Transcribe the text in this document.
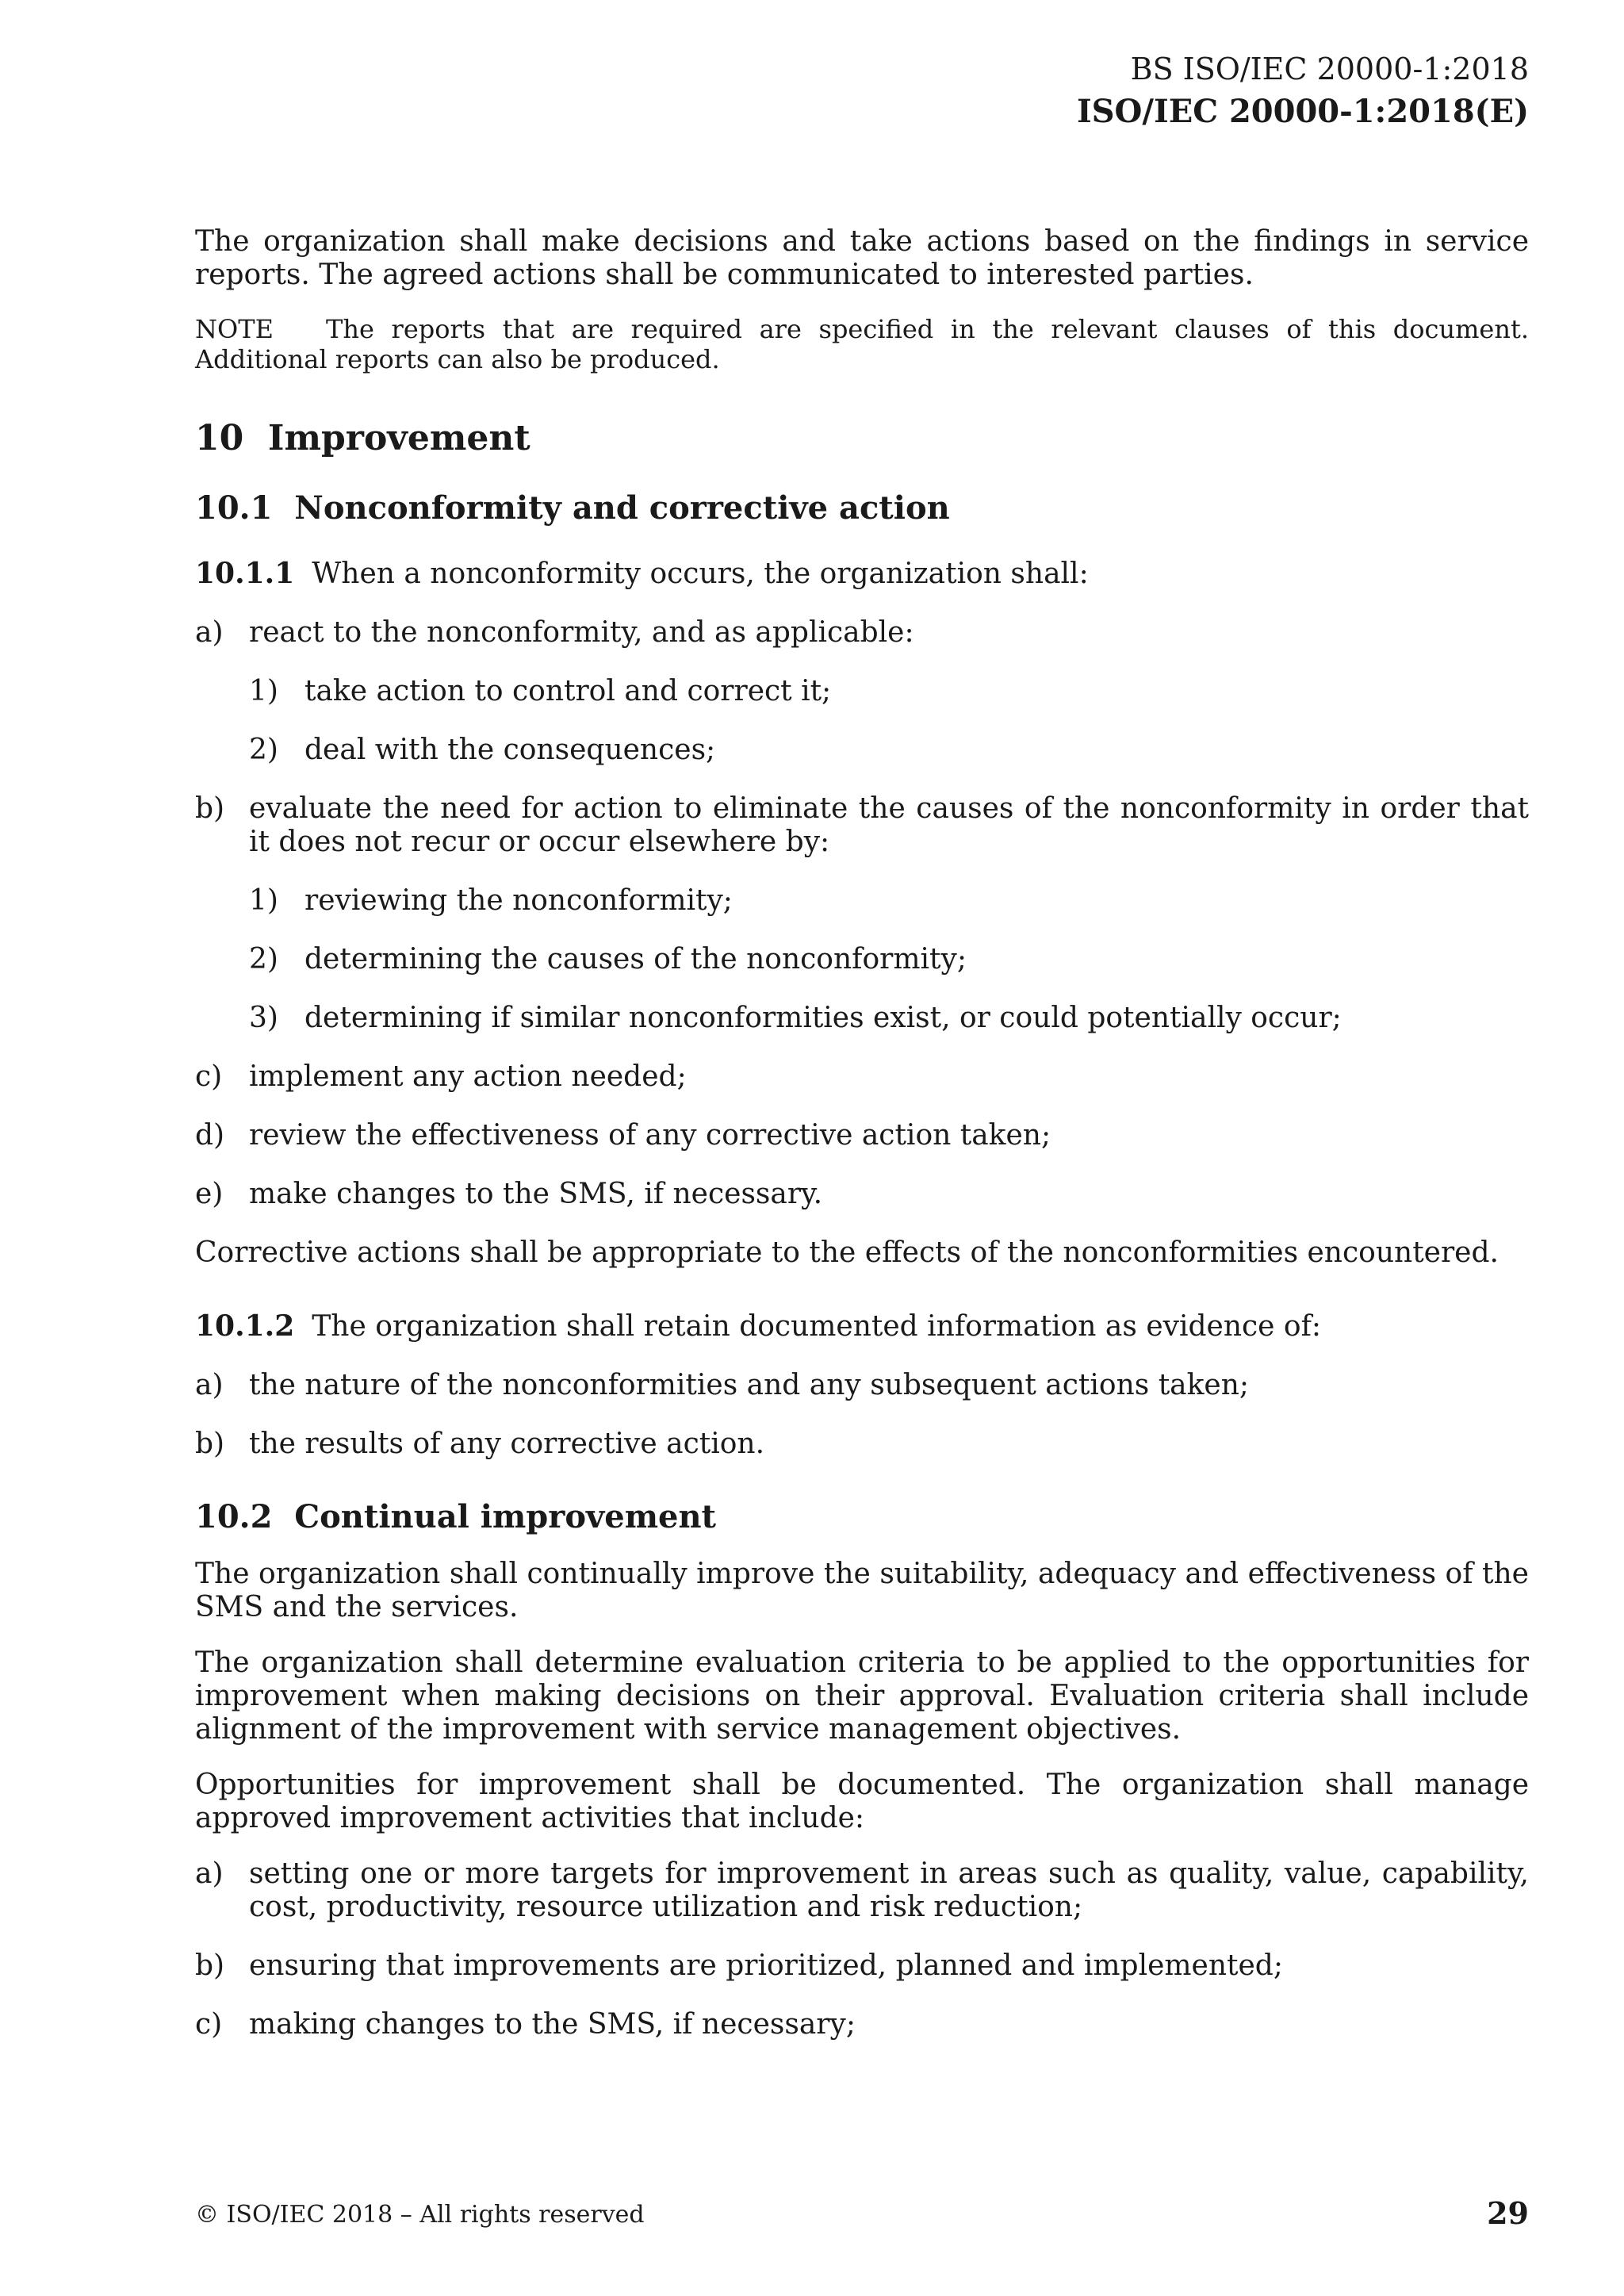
BS ISO/IEC 20000-1:2018
ISO/IEC 20000-1:2018(E)

The organization shall make decisions and take actions based on the findings in service reports. The agreed actions shall be communicated to interested parties.

NOTE The reports that are required are specified in the relevant clauses of this document. Additional reports can also be produced.

10 Improvement
10.1 Nonconformity and corrective action

10.1.1 When a nonconformity occurs, the organization shall:

a) react to the nonconformity, and as applicable:
1) take action to control and correct it;
2) deal with the consequences;
b) evaluate the need for action to eliminate the causes of the nonconformity in order that it does not recur or occur elsewhere by:
1) reviewing the nonconformity;
2) determining the causes of the nonconformity;
3) determining if similar nonconformities exist, or could potentially occur;
c) implement any action needed;
d) review the effectiveness of any corrective action taken;
e) make changes to the SMS, if necessary.

Corrective actions shall be appropriate to the effects of the nonconformities encountered.

10.1.2 The organization shall retain documented information as evidence of:

a) the nature of the nonconformities and any subsequent actions taken;
b) the results of any corrective action.
10.2 Continual improvement

The organization shall continually improve the suitability, adequacy and effectiveness of the SMS and the services.

The organization shall determine evaluation criteria to be applied to the opportunities for improvement when making decisions on their approval. Evaluation criteria shall include alignment of the improvement with service management objectives.

Opportunities for improvement shall be documented. The organization shall manage approved improvement activities that include:

a) setting one or more targets for improvement in areas such as quality, value, capability, cost, productivity, resource utilization and risk reduction;
b) ensuring that improvements are prioritized, planned and implemented;
c) making changes to the SMS, if necessary;
© ISO/IEC 2018 – All rights reserved	29
